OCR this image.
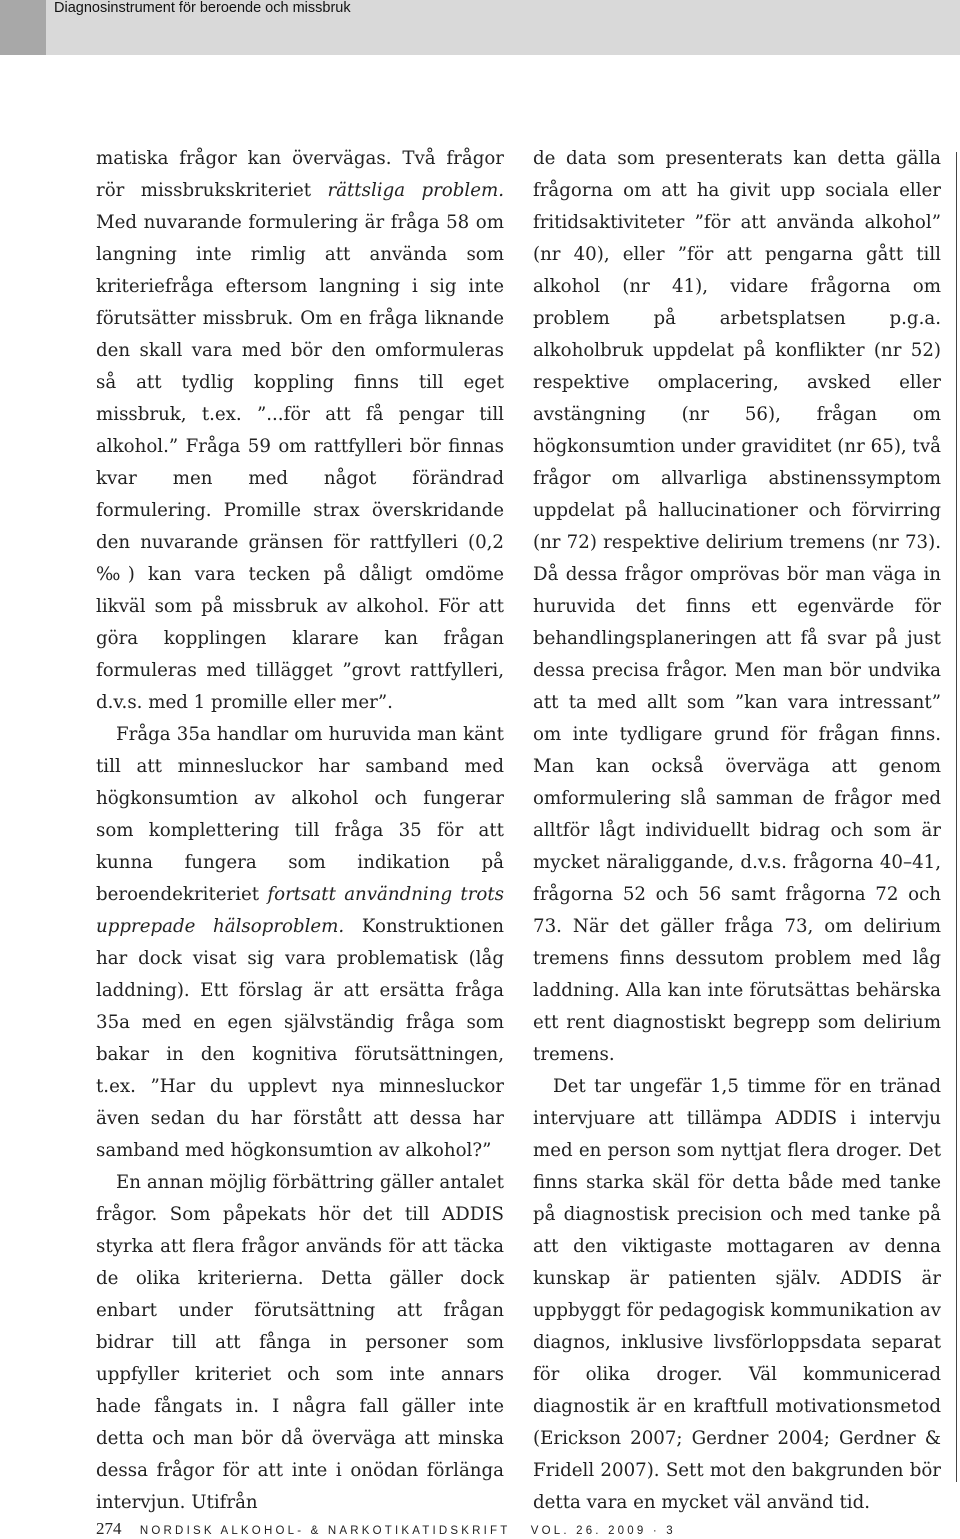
Diagnosinstrument för beroende och missbruk

matiska frågor kan övervägas. Två frågor rör missbrukskriteriet rättsliga problem. Med nuvarande formulering är fråga 58 om langning inte rimlig att använda som kriteriefråga eftersom langning i sig inte förutsätter missbruk. Om en fråga liknande den skall vara med bör den omformuleras så att tydlig koppling finns till eget missbruk, t.ex. ”...för att få pengar till alkohol.” Fråga 59 om rattfylleri bör finnas kvar men med något förändrad formulering. Promille strax överskridande den nuvarande gränsen för rattfylleri (0,2 ‰) kan vara tecken på dåligt omdöme likväl som på missbruk av alkohol. För att göra kopplingen klarare kan frågan formuleras med tillägget ”grovt rattfylleri, d.v.s. med 1 promille eller mer”.

Fråga 35a handlar om huruvida man känt till att minnesluckor har samband med högkonsumtion av alkohol och fungerar som komplettering till fråga 35 för att kunna fungera som indikation på beroendekriteriet fortsatt användning trots upprepade hälsoproblem. Konstruktionen har dock visat sig vara problematisk (låg laddning). Ett förslag är att ersätta fråga 35a med en egen självständig fråga som bakar in den kognitiva förutsättningen, t.ex. ”Har du upplevt nya minnesluckor även sedan du har förstått att dessa har samband med högkonsumtion av alkohol?”

En annan möjlig förbättring gäller antalet frågor. Som påpekats hör det till ADDIS styrka att flera frågor används för att täcka de olika kriterierna. Detta gäller dock enbart under förutsättning att frågan bidrar till att fånga in personer som uppfyller kriteriet och som inte annars hade fångats in. I några fall gäller inte detta och man bör då överväga att minska dessa frågor för att inte i onödan förlänga intervjun. Utifrån

de data som presenterats kan detta gälla frågorna om att ha givit upp sociala eller fritidsaktiviteter ”för att använda alkohol” (nr 40), eller ”för att pengarna gått till alkohol (nr 41), vidare frågorna om problem på arbetsplatsen p.g.a. alkoholbruk uppdelat på konflikter (nr 52) respektive omplacering, avsked eller avstängning (nr 56), frågan om högkonsumtion under graviditet (nr 65), två frågor om allvarliga abstinenssymptom uppdelat på hallucinationer och förvirring (nr 72) respektive delirium tremens (nr 73). Då dessa frågor omprövas bör man väga in huruvida det finns ett egenvärde för behandlingsplaneringen att få svar på just dessa precisa frågor. Men man bör undvika att ta med allt som ”kan vara intressant” om inte tydligare grund för frågan finns. Man kan också överväga att genom omformulering slå samman de frågor med alltför lågt individuellt bidrag och som är mycket näraliggande, d.v.s. frågorna 40–41, frågorna 52 och 56 samt frågorna 72 och 73. När det gäller fråga 73, om delirium tremens finns dessutom problem med låg laddning. Alla kan inte förutsättas behärska ett rent diagnostiskt begrepp som delirium tremens.

Det tar ungefär 1,5 timme för en tränad intervjuare att tillämpa ADDIS i intervju med en person som nyttjat flera droger. Det finns starka skäl för detta både med tanke på diagnostisk precision och med tanke på att den viktigaste mottagaren av denna kunskap är patienten själv. ADDIS är uppbyggt för pedagogisk kommunikation av diagnos, inklusive livsförloppsdata separat för olika droger. Väl kommunicerad diagnostik är en kraftfull motivationsmetod (Erickson 2007; Gerdner 2004; Gerdner & Fridell 2007). Sett mot den bakgrunden bör detta vara en mycket väl använd tid.

274 NORDISK ALKOHOL- & NARKOTIKATIDSKRIFT VOL. 26. 2009 · 3
